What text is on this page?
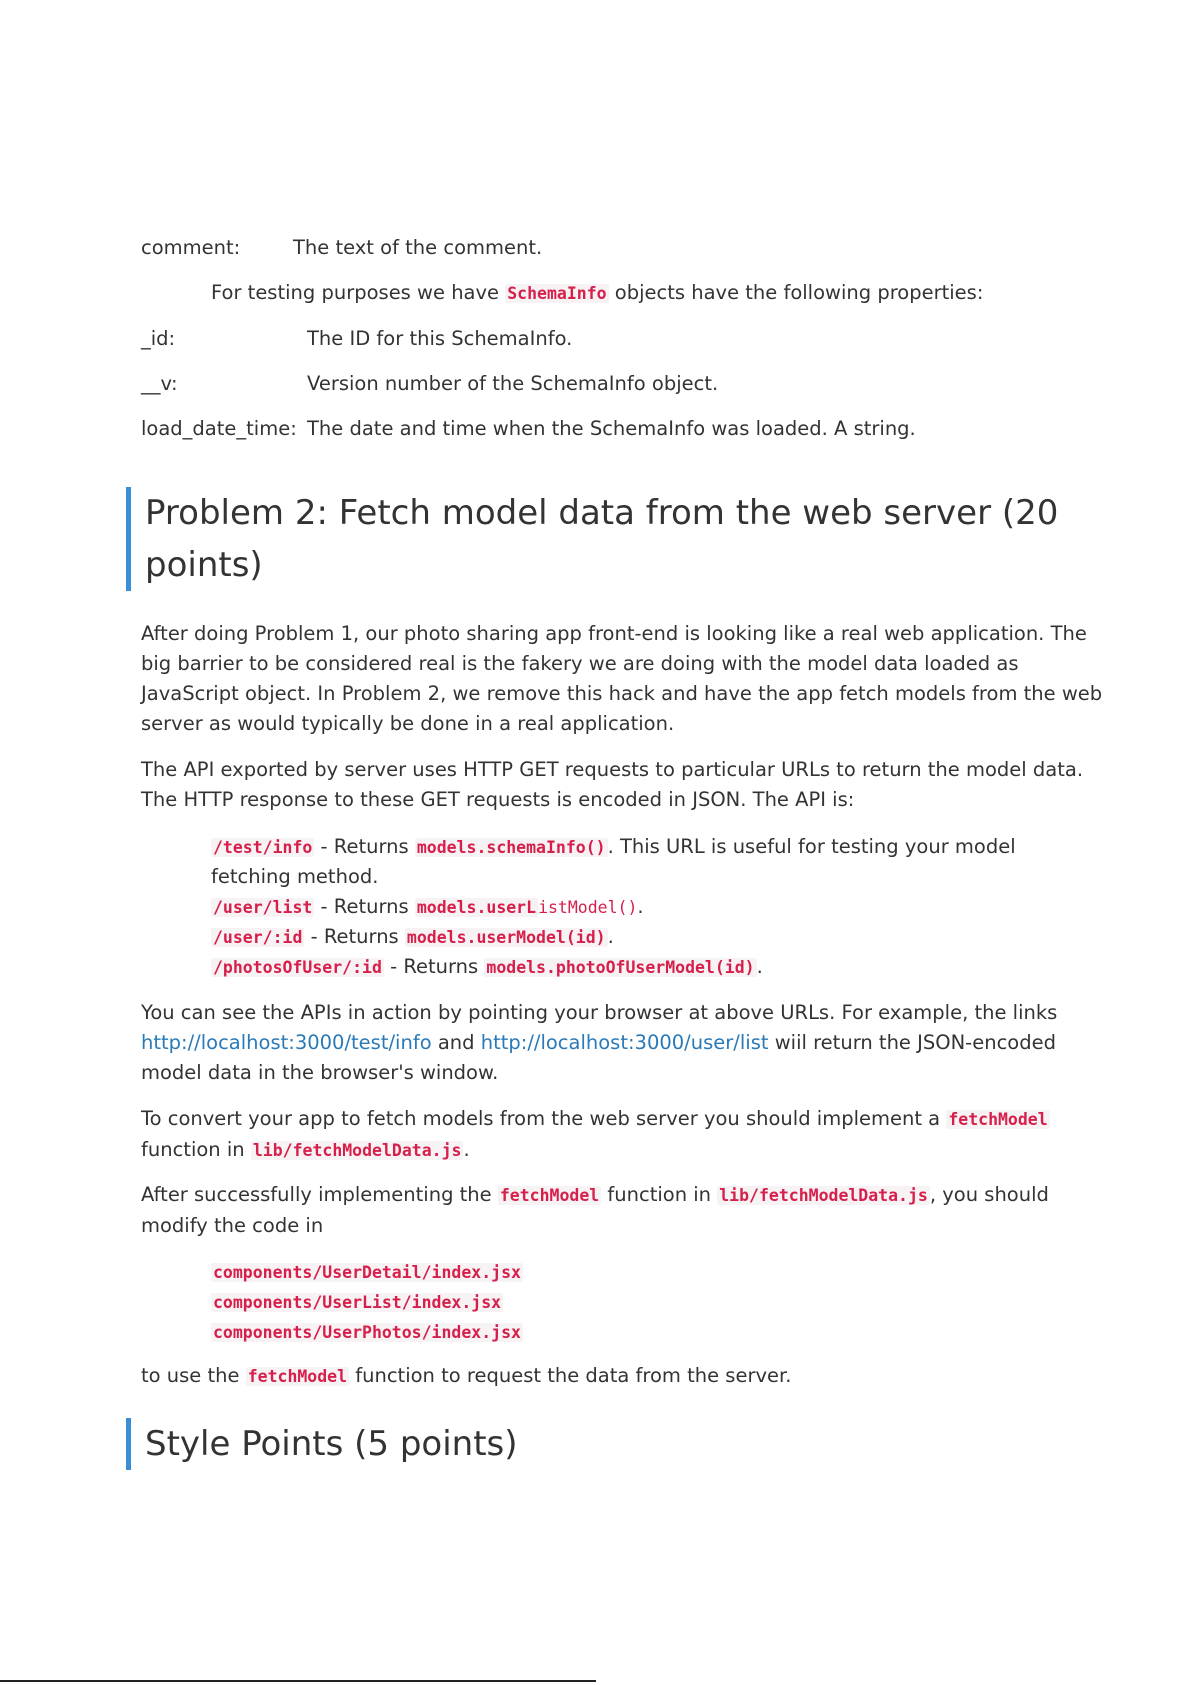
comment:	The text of the comment.
For testing purposes we have SchemaInfo objects have the following properties:
_id:	The ID for this SchemaInfo.
__v:	Version number of the SchemaInfo object.
load_date_time: The date and time when the SchemaInfo was loaded. A string.
Problem 2: Fetch model data from the web server (20
points)
After doing Problem 1, our photo sharing app front-end is looking like a real web application. The
big barrier to be considered real is the fakery we are doing with the model data loaded as
JavaScript object. In Problem 2, we remove this hack and have the app fetch models from the web
server as would typically be done in a real application.
The API exported by server uses HTTP GET requests to particular URLs to return the model data.
The HTTP response to these GET requests is encoded in JSON. The API is:
/test/info - Returns models.schemaInfo() . This URL is useful for testing your model
fetching method.
/user/list - Returns models.userL istModel().
/user/:id - Returns models.userModel(id) .
/photosOfUser/:id - Returns models.photoOfUserModel(id) .
You can see the APIs in action by pointing your browser at above URLs. For example, the links
http://localhost:3000/test/info and http://localhost:3000/user/list wiil return the JSON-encoded
model data in the browser's window.
To convert your app to fetch models from the web server you should implement a fetchModel
function in lib/fetchModelData.js .
After successfully implementing the fetchModel function in lib/fetchModelData.js , you should
modify the code in
components/UserDetail/index.jsx
components/UserList/index.jsx
components/UserPhotos/index.jsx
to use the fetchModel function to request the data from the server.
Style Points (5 points)
